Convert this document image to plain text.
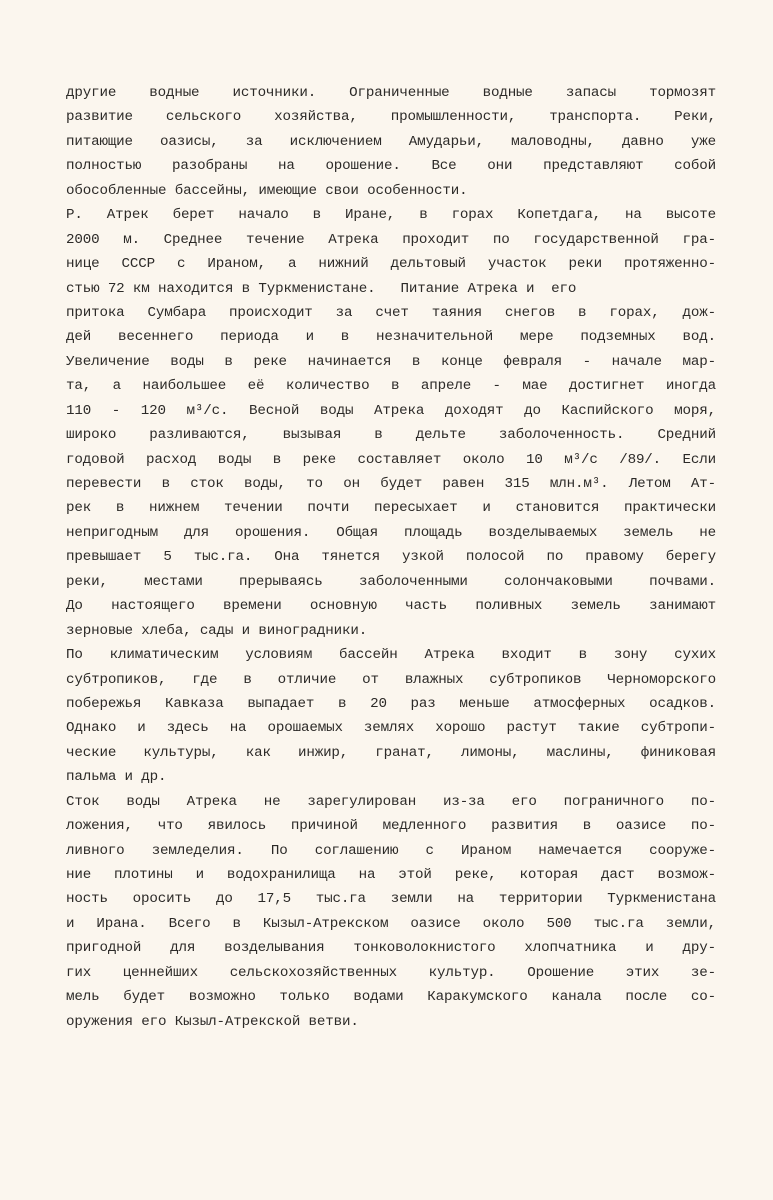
другие водные источники. Ограниченные водные запасы тормозят
развитие сельского хозяйства, промышленности, транспорта. Реки,
питающие оазисы, за исключением Амударьи, маловодны, давно уже
полностью разобраны на орошение. Все они представляют собой
обособленные бассейны, имеющие свои особенности.
Р. Атрек берет начало в Иране, в горах Копетдага, на высоте
2000 м. Среднее течение Атрека проходит по государственной гра-
нице СССР с Ираном, а нижний дельтовый участок реки протяженно-
стью 72 км находится в Туркменистане.   Питание Атрека и  его
притока Сумбара происходит за счет таяния снегов в горах, дож-
дей весеннего периода и в незначительной мере подземных вод.
Увеличение воды в реке начинается в конце февраля - начале мар-
та, а наибольшее её количество в апреле - мае достигнет иногда
110 - 120 м³/с. Весной воды Атрека доходят до Каспийского моря,
широко разливаются, вызывая в дельте заболоченность. Средний
годовой расход воды в реке составляет около 10 м³/с /89/. Если
перевести в сток воды, то он будет равен 315 млн.м³. Летом Ат-
рек в нижнем течении почти пересыхает и становится практически
непригодным для орошения. Общая площадь возделываемых земель не
превышает 5 тыс.га. Она тянется узкой полосой по правому берегу
реки, местами прерываясь заболоченными солончаковыми почвами.
До настоящего времени основную часть поливных земель занимают
зерновые хлеба, сады и виноградники.
По климатическим условиям бассейн Атрека входит в зону сухих
субтропиков, где в отличие от влажных субтропиков Черноморского
побережья Кавказа выпадает в 20 раз меньше атмосферных осадков.
Однако и здесь на орошаемых землях хорошо растут такие субтропи-
ческие культуры, как инжир, гранат, лимоны, маслины, финиковая
пальма и др.
Сток воды Атрека не зарегулирован из-за его пограничного по-
ложения, что явилось причиной медленного развития в оазисе по-
ливного земледелия. По соглашению с Ираном намечается сооруже-
ние плотины и водохранилища на этой реке, которая даст возмож-
ность оросить до 17,5 тыс.га земли на территории Туркменистана
и Ирана. Всего в Кызыл-Атрекском оазисе около 500 тыс.га земли,
пригодной для возделывания тонковолокнистого хлопчатника и дру-
гих ценнейших сельскохозяйственных культур. Орошение этих зе-
мель будет возможно только водами Каракумского канала после со-
оружения его Кызыл-Атрекской ветви.
